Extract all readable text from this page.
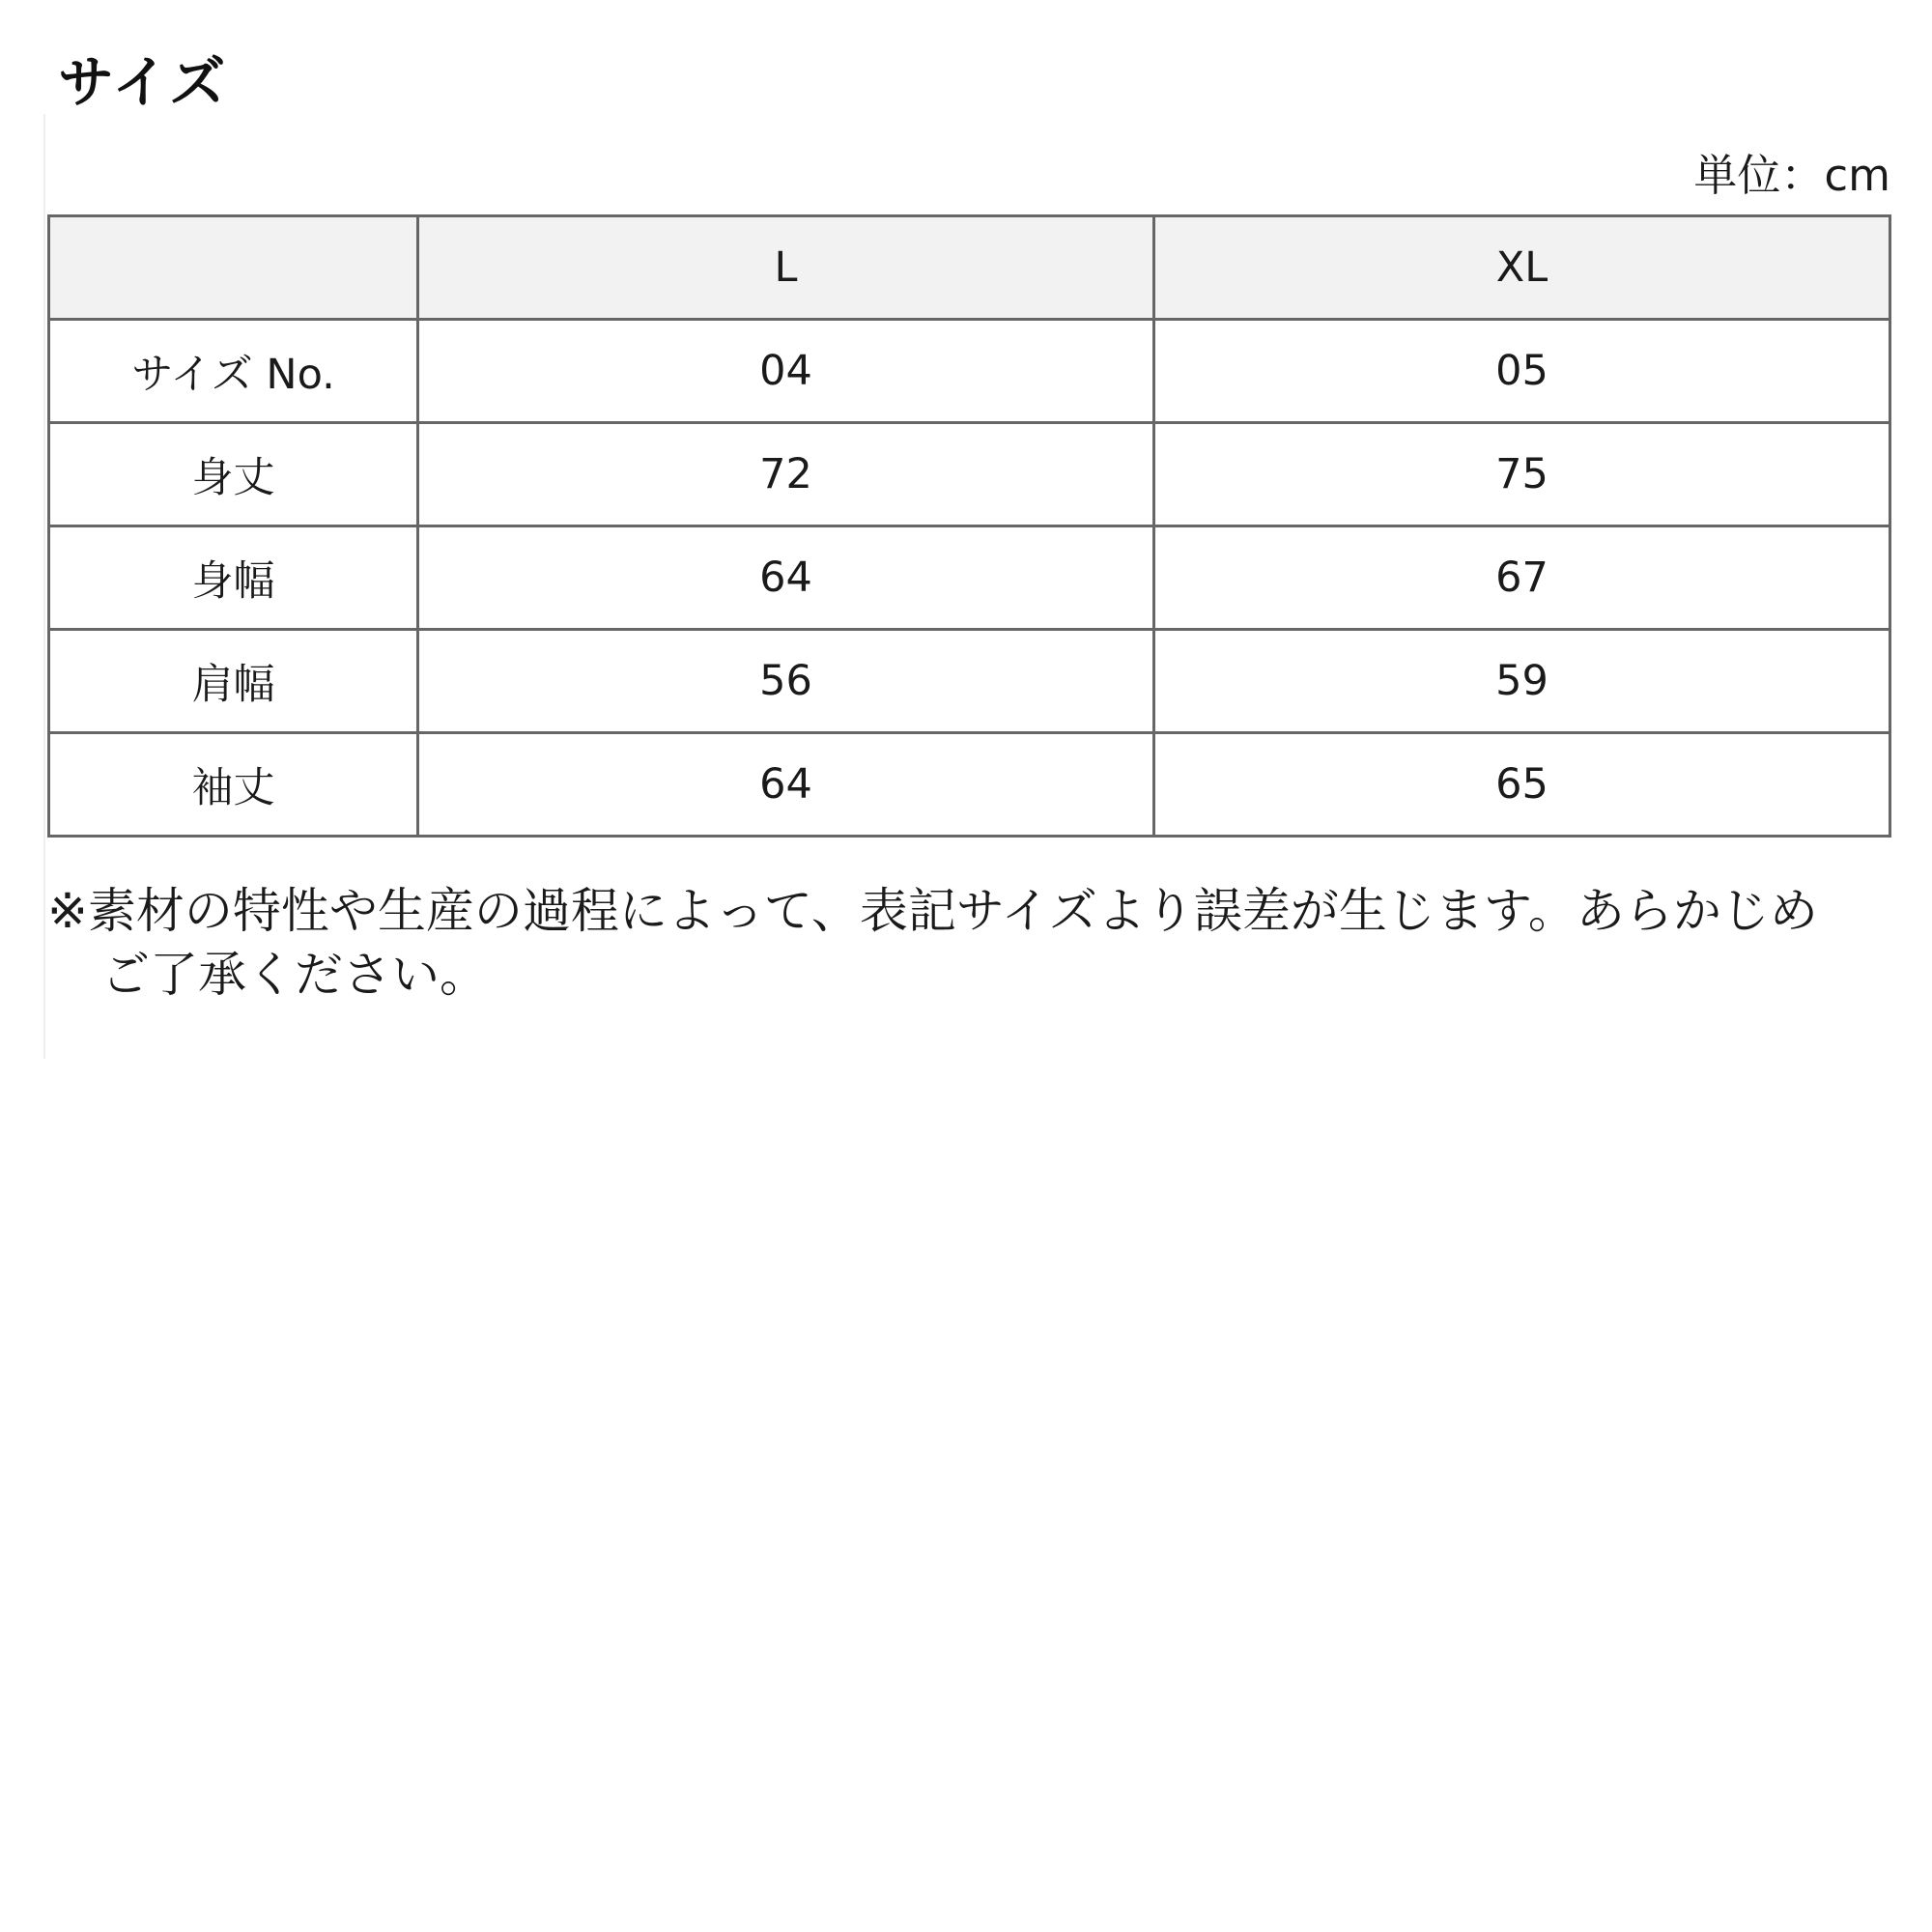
サイズ
単位：cm
	L	XL
サイズ No.	04	05
身丈	72	75
身幅	64	67
肩幅	56	59
袖丈	64	65
※素材の特性や生産の過程によって、表記サイズより誤差が生じます。あらかじめご了承ください。
